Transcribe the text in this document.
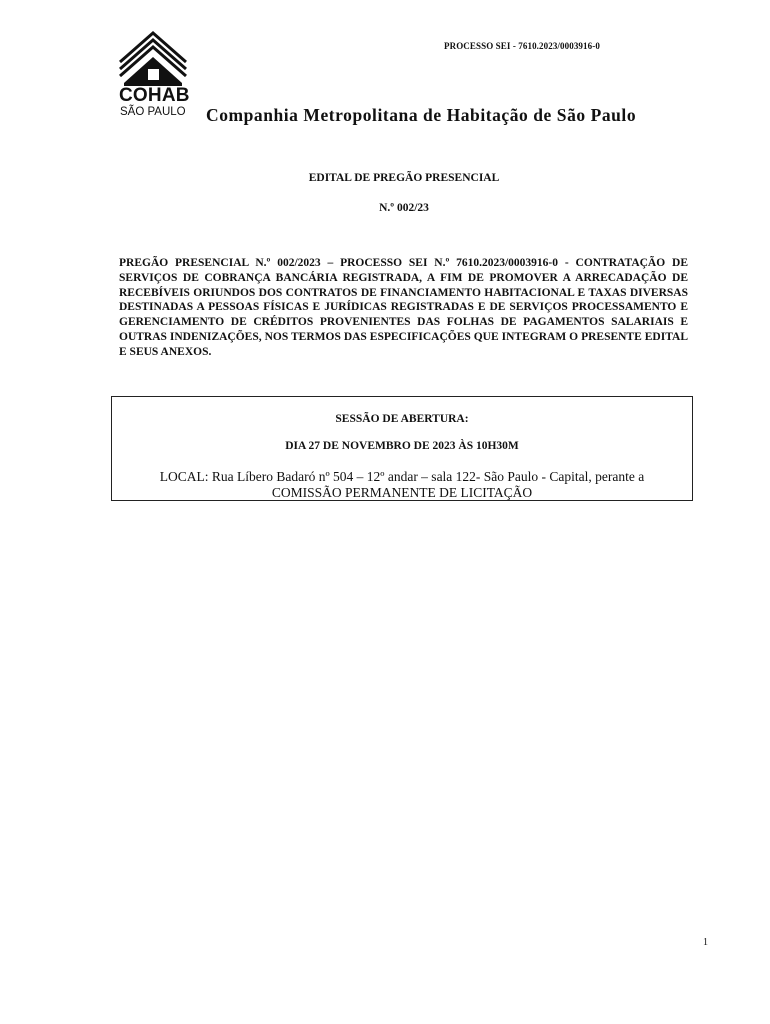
PROCESSO SEI - 7610.2023/0003916-0
COHAB
SÃO PAULO Companhia Metropolitana de Habitação de São Paulo
EDITAL DE PREGÃO PRESENCIAL
N.º 002/23
PREGÃO PRESENCIAL N.º 002/2023 – PROCESSO SEI N.º 7610.2023/0003916-0 - CONTRATAÇÃO DE SERVIÇOS DE COBRANÇA BANCÁRIA REGISTRADA, A FIM DE PROMOVER A ARRECADAÇÃO DE RECEBÍVEIS ORIUNDOS DOS CONTRATOS DE FINANCIAMENTO HABITACIONAL E TAXAS DIVERSAS DESTINADAS A PESSOAS FÍSICAS E JURÍDICAS REGISTRADAS E DE SERVIÇOS PROCESSAMENTO E GERENCIAMENTO DE CRÉDITOS PROVENIENTES DAS FOLHAS DE PAGAMENTOS SALARIAIS E OUTRAS INDENIZAÇÕES, NOS TERMOS DAS ESPECIFICAÇÕES QUE INTEGRAM O PRESENTE EDITAL E SEUS ANEXOS.
SESSÃO DE ABERTURA:
DIA 27 DE NOVEMBRO DE 2023 ÀS 10H30M
LOCAL: Rua Líbero Badaró nº 504 – 12º andar – sala 122- São Paulo - Capital, perante a
COMISSÃO PERMANENTE DE LICITAÇÃO
1
